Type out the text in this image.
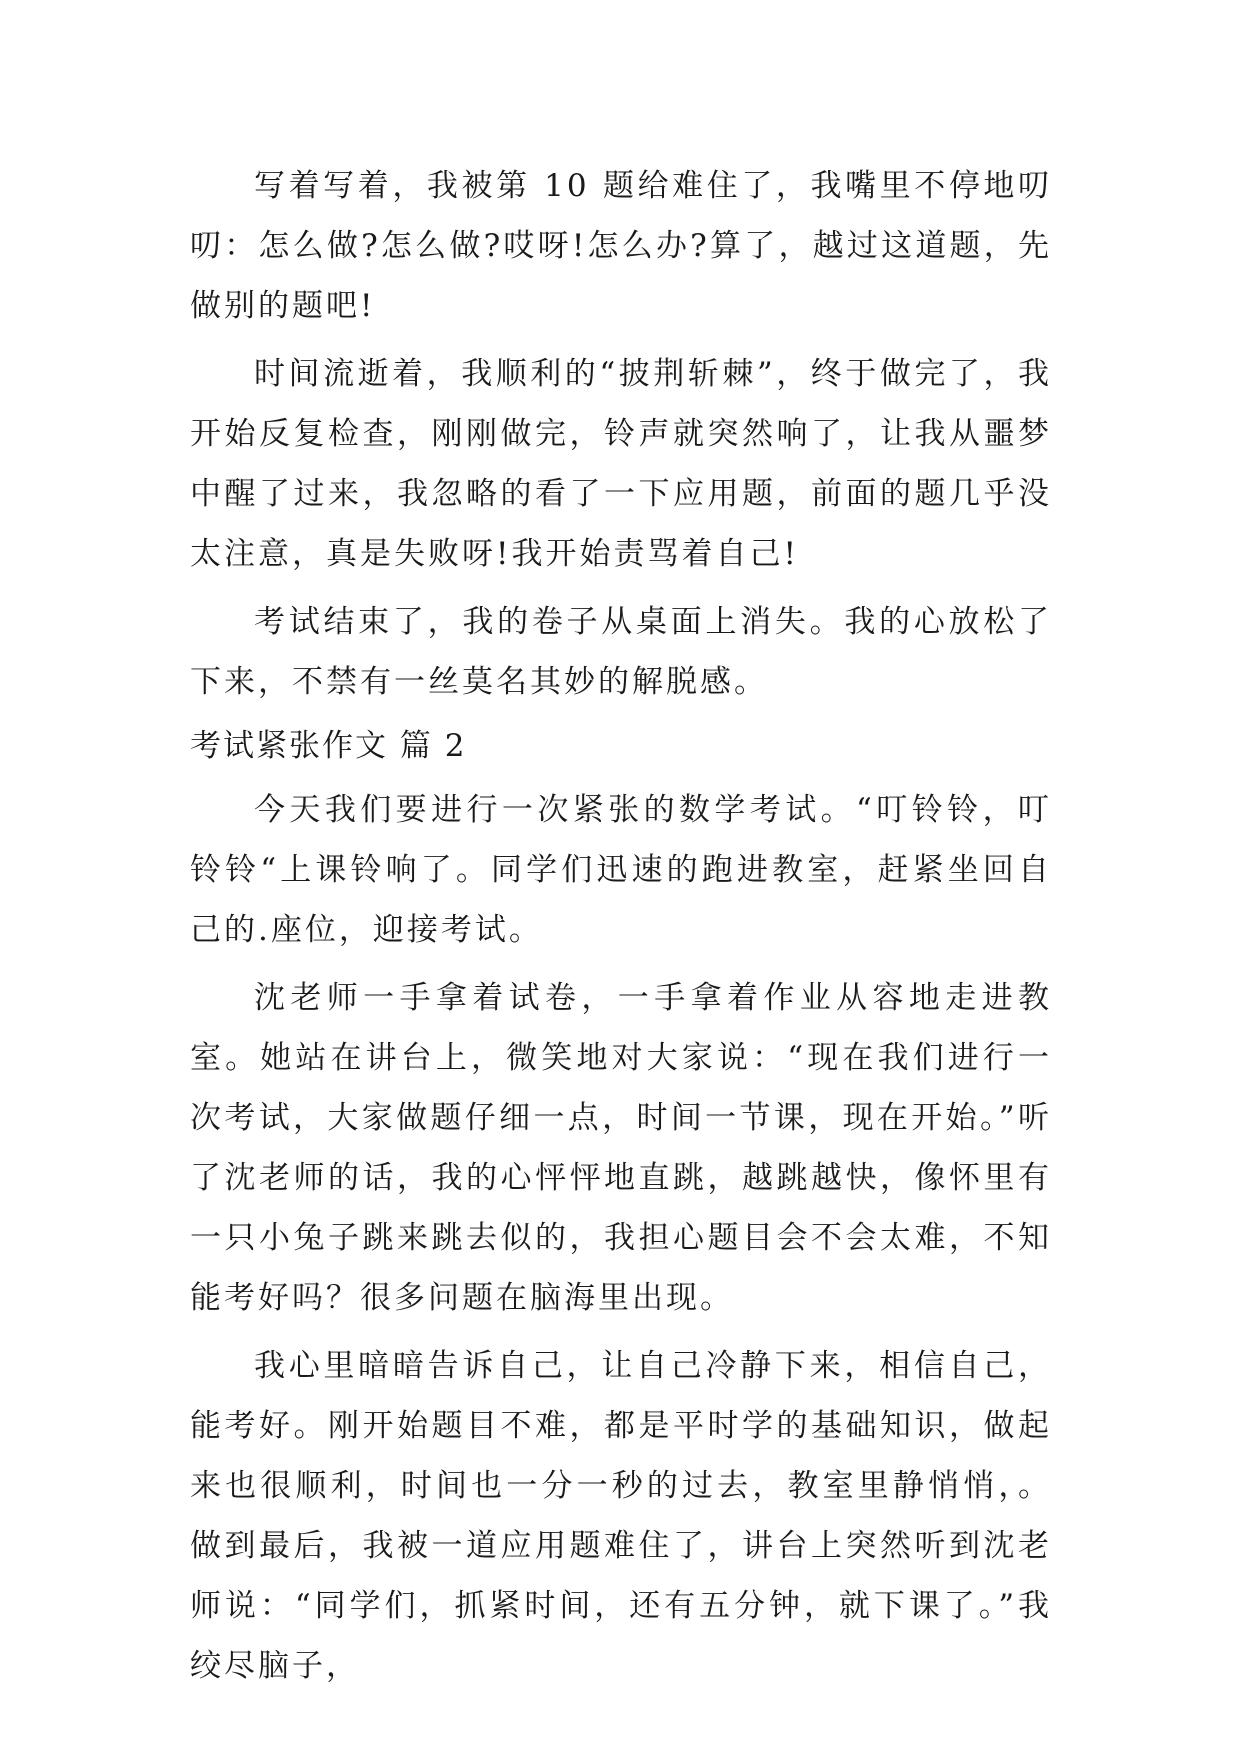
写着写着，我被第 10 题给难住了，我嘴里不停地叨叨：怎么做?怎么做?哎呀!怎么办?算了，越过这道题，先做别的题吧!

时间流逝着，我顺利的“披荆斩棘”，终于做完了，我开始反复检查，刚刚做完，铃声就突然响了，让我从噩梦中醒了过来，我忽略的看了一下应用题，前面的题几乎没太注意，真是失败呀!我开始责骂着自己!

考试结束了，我的卷子从桌面上消失。我的心放松了下来，不禁有一丝莫名其妙的解脱感。

考试紧张作文 篇 2

今天我们要进行一次紧张的数学考试。“叮铃铃，叮铃铃“上课铃响了。同学们迅速的跑进教室，赶紧坐回自己的.座位，迎接考试。

沈老师一手拿着试卷，一手拿着作业从容地走进教室。她站在讲台上，微笑地对大家说：“现在我们进行一次考试，大家做题仔细一点，时间一节课，现在开始。”听了沈老师的话，我的心怦怦地直跳，越跳越快，像怀里有一只小兔子跳来跳去似的，我担心题目会不会太难，不知能考好吗？很多问题在脑海里出现。

我心里暗暗告诉自己，让自己冷静下来，相信自己，能考好。刚开始题目不难，都是平时学的基础知识，做起来也很顺利，时间也一分一秒的过去，教室里静悄悄，。做到最后，我被一道应用题难住了，讲台上突然听到沈老师说：“同学们，抓紧时间，还有五分钟，就下课了。”我绞尽脑子，
